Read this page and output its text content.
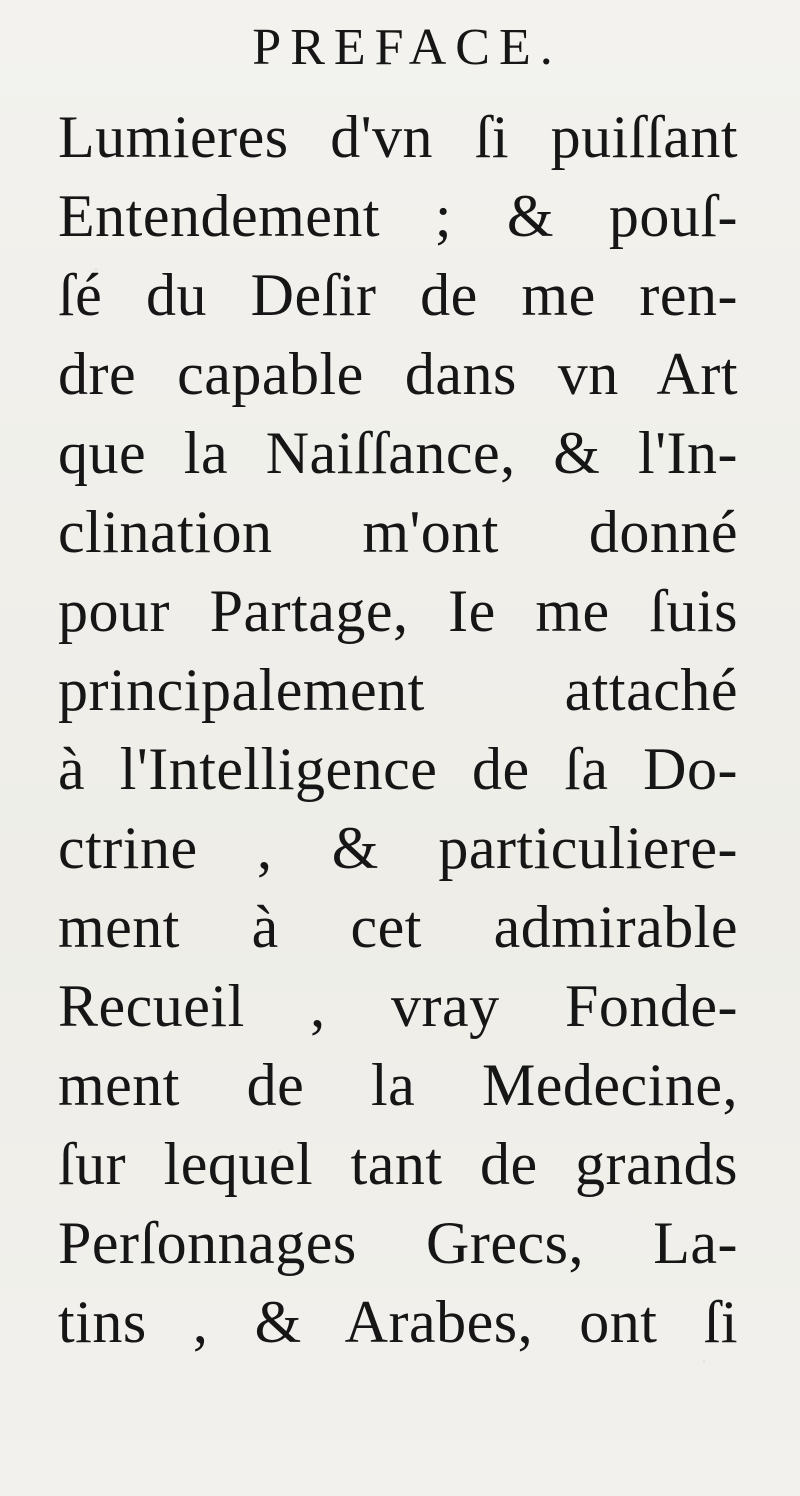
PREFACE.
Lumieres d'vn ſi puiſſant
Entendement ; & pouſ-
ſé du Deſir de me ren-
dre capable dans vn Art
que la Naiſſance, & l'In-
clination m'ont donné
pour Partage, Ie me ſuis
principalement attaché
à l'Intelligence de ſa Do-
ctrine , & particuliere-
ment à cet admirable
Recueil , vray Fonde-
ment de la Medecine,
ſur lequel tant de grands
Perſonnages Grecs, La-
tins , & Arabes, ont ſi
